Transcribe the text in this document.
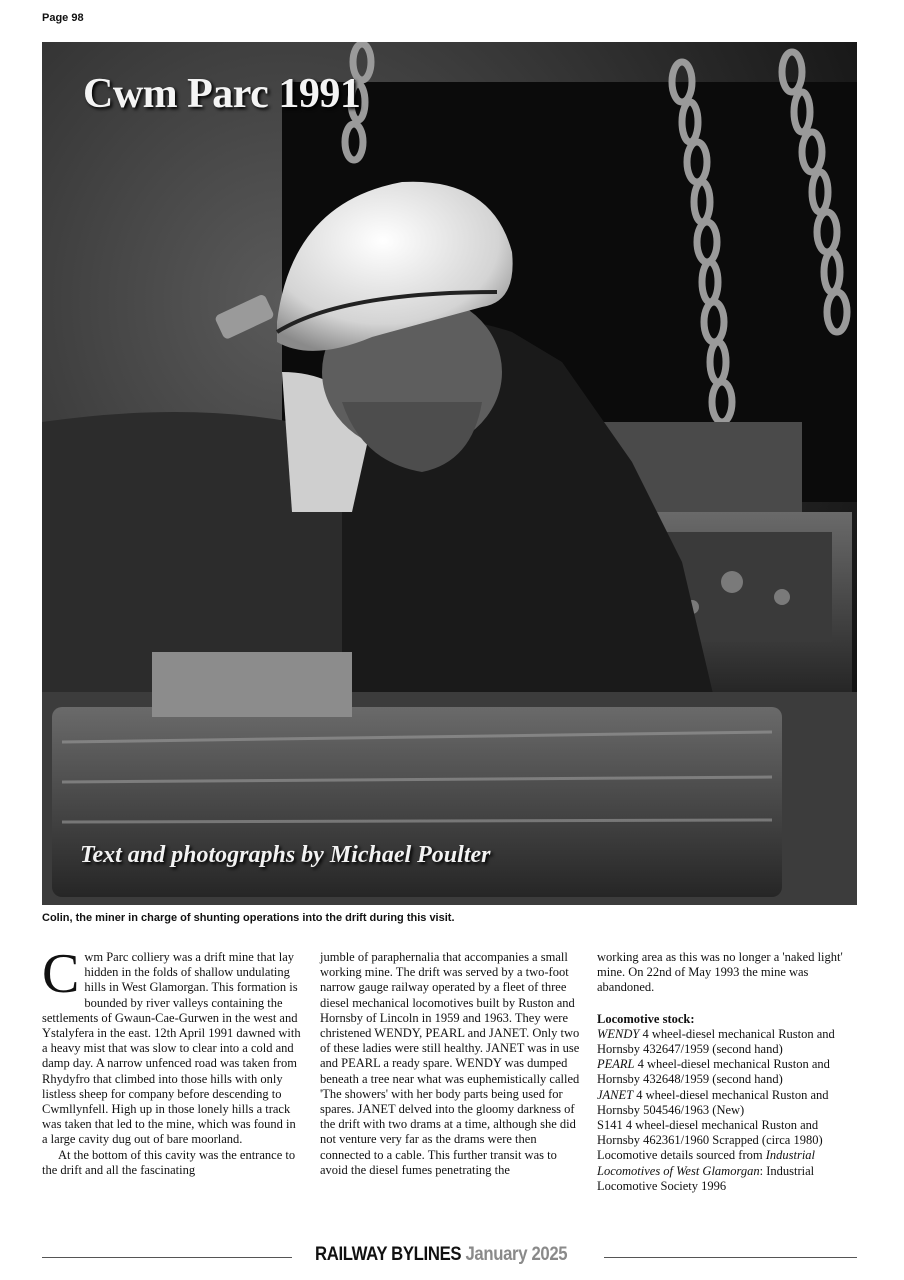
Page 98
Cwm Parc 1991
Text and photographs by Michael Poulter
Colin, the miner in charge of shunting operations into the drift during this visit.

Cwm Parc colliery was a drift mine that lay hidden in the folds of shallow undulating hills in West Glamorgan. This formation is bounded by river valleys containing the settlements of Gwaun-Cae-Gurwen in the west and Ystalyfera in the east. 12th April 1991 dawned with a heavy mist that was slow to clear into a cold and damp day. A narrow unfenced road was taken from Rhydyfro that climbed into those hills with only listless sheep for company before descending to Cwmllynfell. High up in those lonely hills a track was taken that led to the mine, which was found in a large cavity dug out of bare moorland.

At the bottom of this cavity was the entrance to the drift and all the fascinating

jumble of paraphernalia that accompanies a small working mine. The drift was served by a two-foot narrow gauge railway operated by a fleet of three diesel mechanical locomotives built by Ruston and Hornsby of Lincoln in 1959 and 1963. They were christened WENDY, PEARL and JANET. Only two of these ladies were still healthy. JANET was in use and PEARL a ready spare. WENDY was dumped beneath a tree near what was euphemistically called 'The showers' with her body parts being used for spares. JANET delved into the gloomy darkness of the drift with two drams at a time, although she did not venture very far as the drams were then connected to a cable. This further transit was to avoid the diesel fumes penetrating the

working area as this was no longer a 'naked light' mine. On 22nd of May 1993 the mine was abandoned.

Locomotive stock:

WENDY 4 wheel-diesel mechanical Ruston and Hornsby 432647/1959 (second hand)

PEARL 4 wheel-diesel mechanical Ruston and Hornsby 432648/1959 (second hand)

JANET 4 wheel-diesel mechanical Ruston and Hornsby 504546/1963 (New)

S141 4 wheel-diesel mechanical Ruston and Hornsby 462361/1960 Scrapped (circa 1980)

Locomotive details sourced from Industrial Locomotives of West Glamorgan: Industrial Locomotive Society 1996

RAILWAY BYLINES January 2025
